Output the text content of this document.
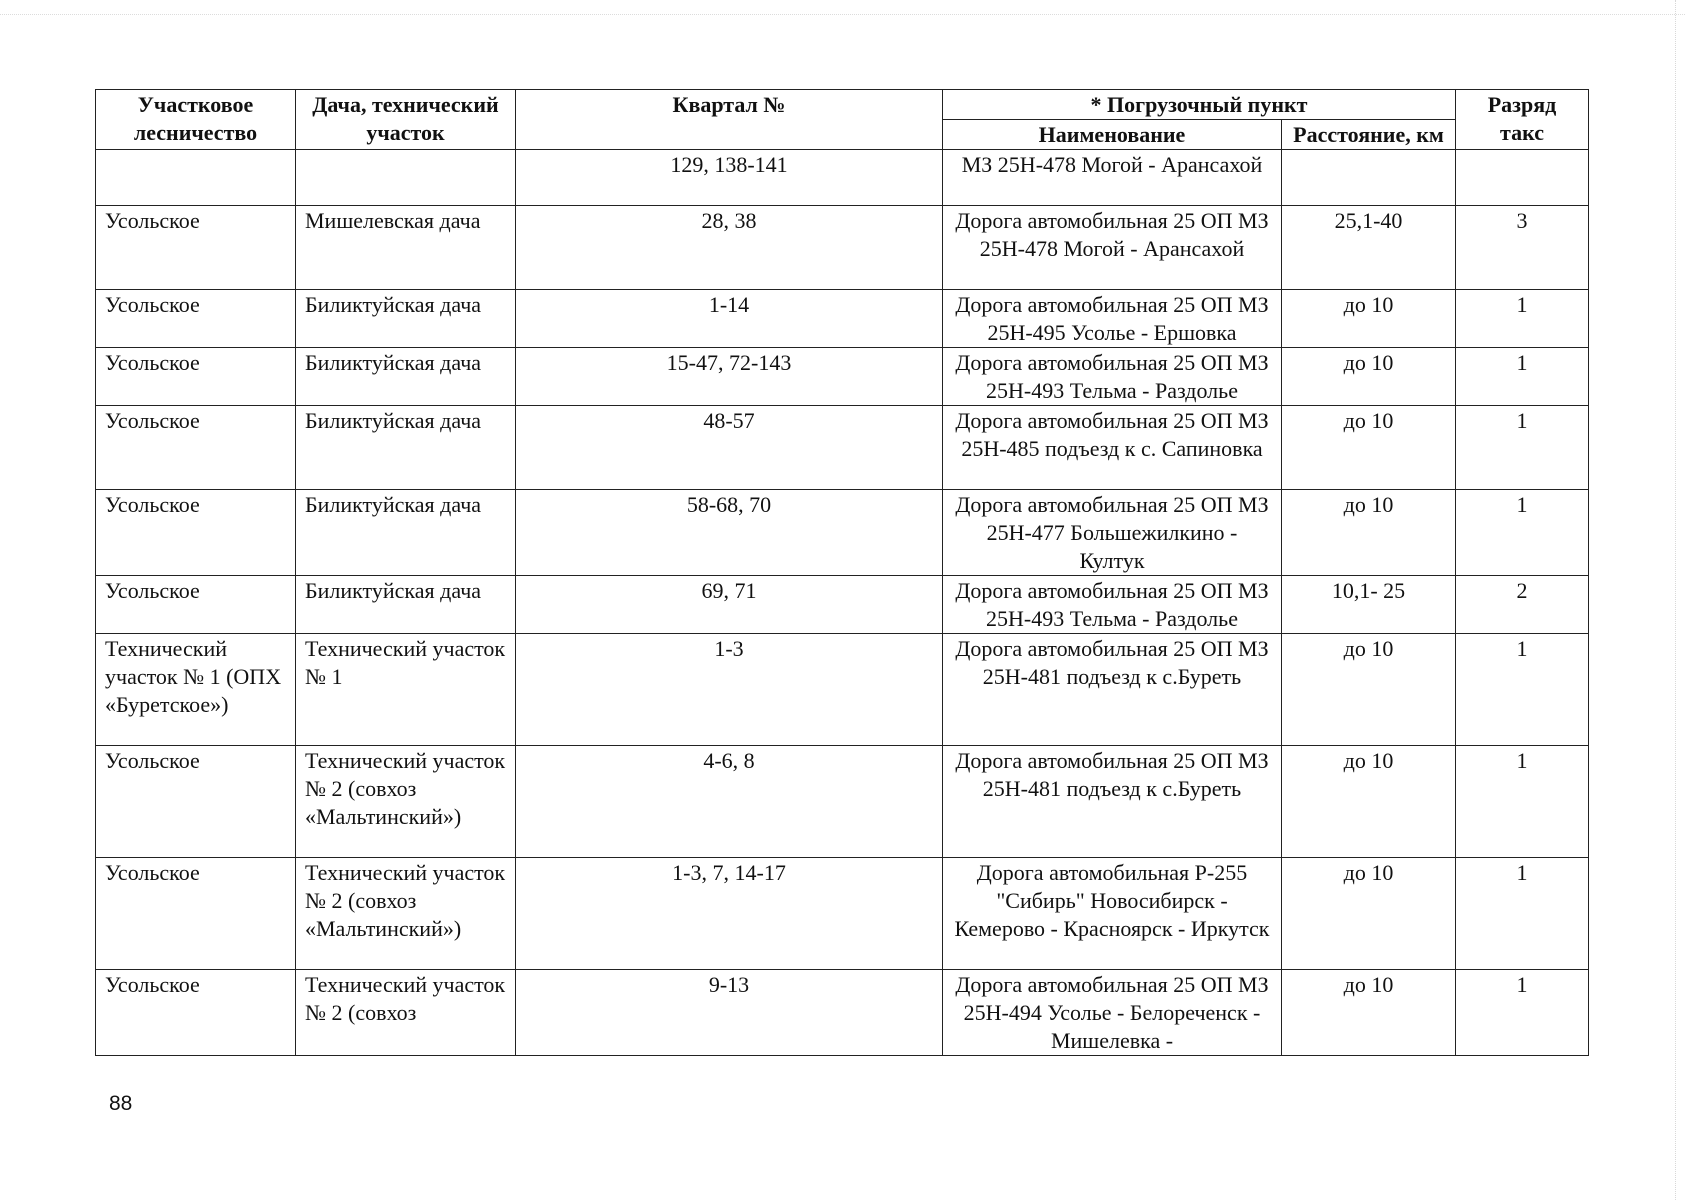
Участковое лесничество	Дача, технический участок	Квартал №	* Погрузочный пункт		Разряд такс
			Наименование	Расстояние, км	
		129, 138-141	МЗ 25Н-478 Могой - Арансахой		
Усольское	Мишелевская дача	28, 38	Дорога автомобильная 25 ОП МЗ 25Н-478 Могой - Арансахой	25,1-40	3
Усольское	Биликтуйская дача	1-14	Дорога автомобильная 25 ОП МЗ 25Н-495 Усолье - Ершовка	до 10	1
Усольское	Биликтуйская дача	15-47, 72-143	Дорога автомобильная 25 ОП МЗ 25Н-493 Тельма - Раздолье	до 10	1
Усольское	Биликтуйская дача	48-57	Дорога автомобильная 25 ОП МЗ 25Н-485 подъезд к с. Сапиновка	до 10	1
Усольское	Биликтуйская дача	58-68, 70	Дорога автомобильная 25 ОП МЗ 25Н-477 Большежилкино - Култук	до 10	1
Усольское	Биликтуйская дача	69, 71	Дорога автомобильная 25 ОП МЗ 25Н-493 Тельма - Раздолье	10,1- 25	2
Технический участок № 1 (ОПХ «Буретское»)	Технический участок № 1	1-3	Дорога автомобильная 25 ОП МЗ 25Н-481 подъезд к с.Буреть	до 10	1
Усольское	Технический участок № 2 (совхоз «Мальтинский»)	4-6, 8	Дорога автомобильная 25 ОП МЗ 25Н-481 подъезд к с.Буреть	до 10	1
Усольское	Технический участок № 2 (совхоз «Мальтинский»)	1-3, 7, 14-17	Дорога автомобильная Р-255 "Сибирь" Новосибирск - Кемерово - Красноярск - Иркутск	до 10	1
Усольское	Технический участок № 2 (совхоз	9-13	Дорога автомобильная 25 ОП МЗ 25Н-494 Усолье - Белореченск - Мишелевка -	до 10	1
88
